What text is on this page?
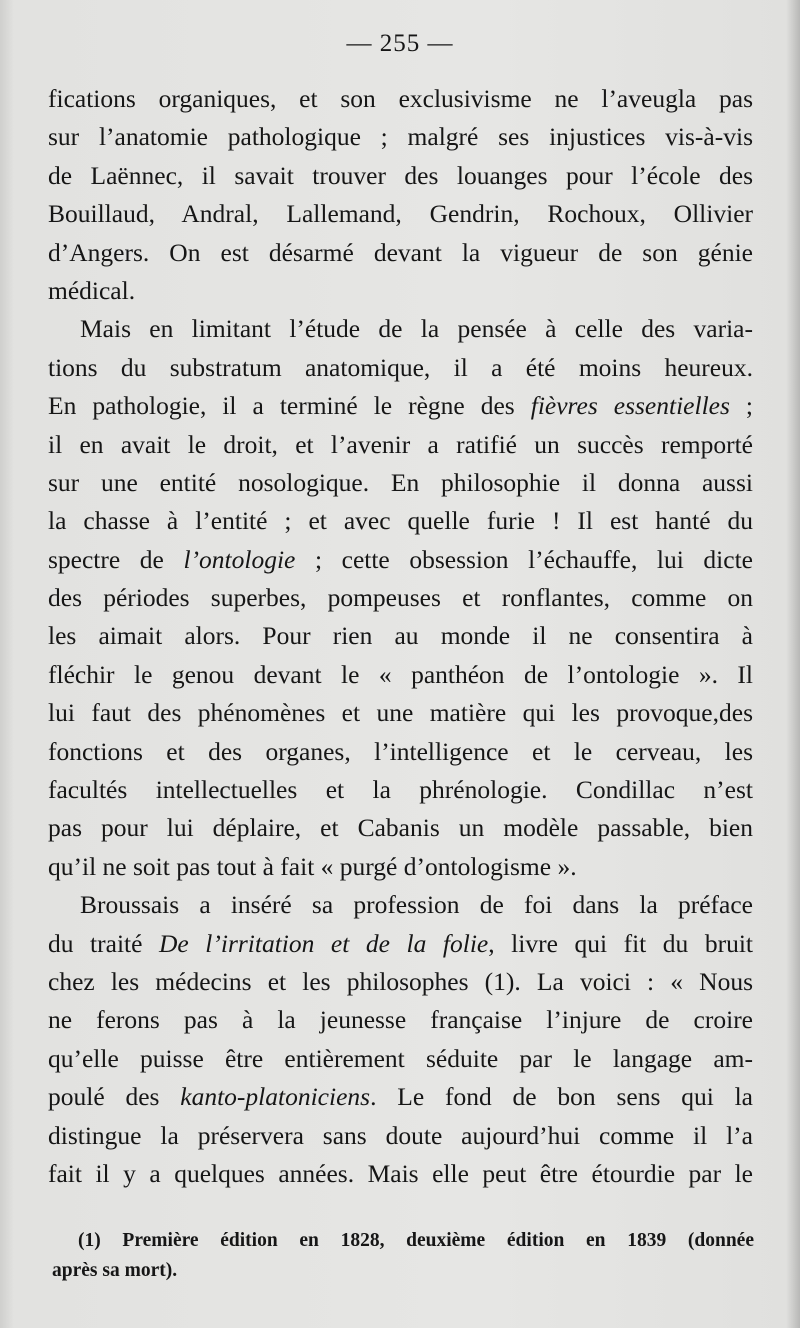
— 255 —
fications organiques, et son exclusivisme ne l’aveugla pas
sur l’anatomie pathologique ; malgré ses injustices vis-à-vis
de Laënnec, il savait trouver des louanges pour l’école des
Bouillaud, Andral, Lallemand, Gendrin, Rochoux, Ollivier
d’Angers. On est désarmé devant la vigueur de son génie
médical.
Mais en limitant l’étude de la pensée à celle des varia-
tions du substratum anatomique, il a été moins heureux.
En pathologie, il a terminé le règne des fièvres essentielles ;
il en avait le droit, et l’avenir a ratifié un succès remporté
sur une entité nosologique. En philosophie il donna aussi
la chasse à l’entité ; et avec quelle furie ! Il est hanté du
spectre de l’ontologie ; cette obsession l’échauffe, lui dicte
des périodes superbes, pompeuses et ronflantes, comme on
les aimait alors. Pour rien au monde il ne consentira à
fléchir le genou devant le « panthéon de l’ontologie ». Il
lui faut des phénomènes et une matière qui les provoque,des
fonctions et des organes, l’intelligence et le cerveau, les
facultés intellectuelles et la phrénologie. Condillac n’est
pas pour lui déplaire, et Cabanis un modèle passable, bien
qu’il ne soit pas tout à fait « purgé d’ontologisme ».
Broussais a inséré sa profession de foi dans la préface
du traité De l’irritation et de la folie, livre qui fit du bruit
chez les médecins et les philosophes (1). La voici : « Nous
ne ferons pas à la jeunesse française l’injure de croire
qu’elle puisse être entièrement séduite par le langage am-
poulé des kanto-platoniciens. Le fond de bon sens qui la
distingue la préservera sans doute aujourd’hui comme il l’a
fait il y a quelques années. Mais elle peut être étourdie par le
(1) Première édition en 1828, deuxième édition en 1839 (donnée
après sa mort).
